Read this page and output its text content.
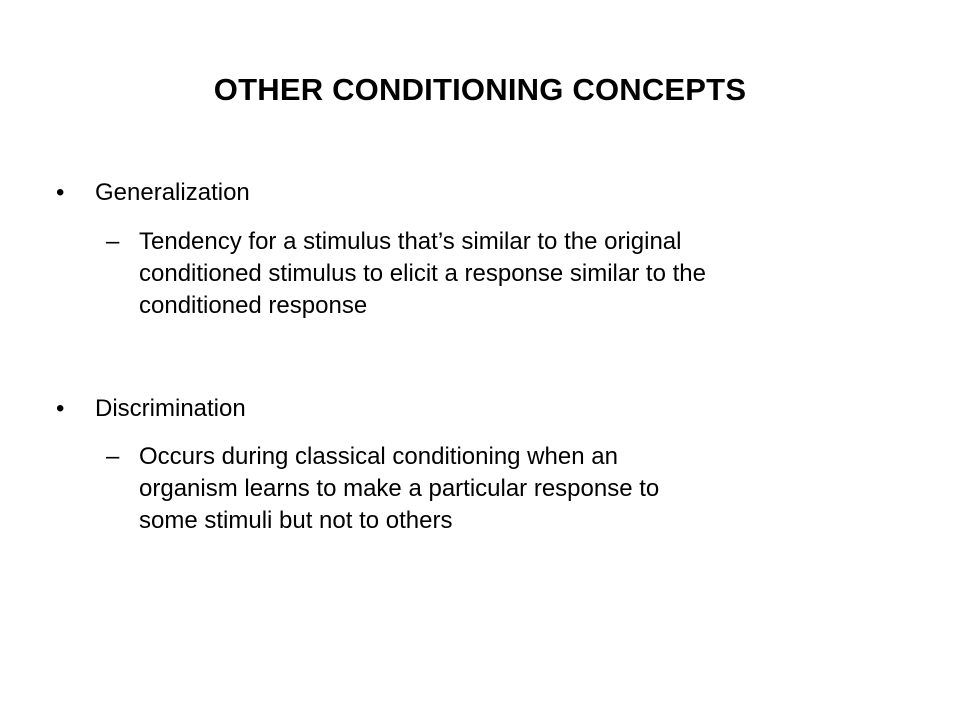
OTHER CONDITIONING CONCEPTS
•	Generalization
– Tendency for a stimulus that’s similar to the original
conditioned stimulus to elicit a response similar to the
conditioned response
•	Discrimination
– Occurs during classical conditioning when an
organism learns to make a particular response to
some stimuli but not to others
